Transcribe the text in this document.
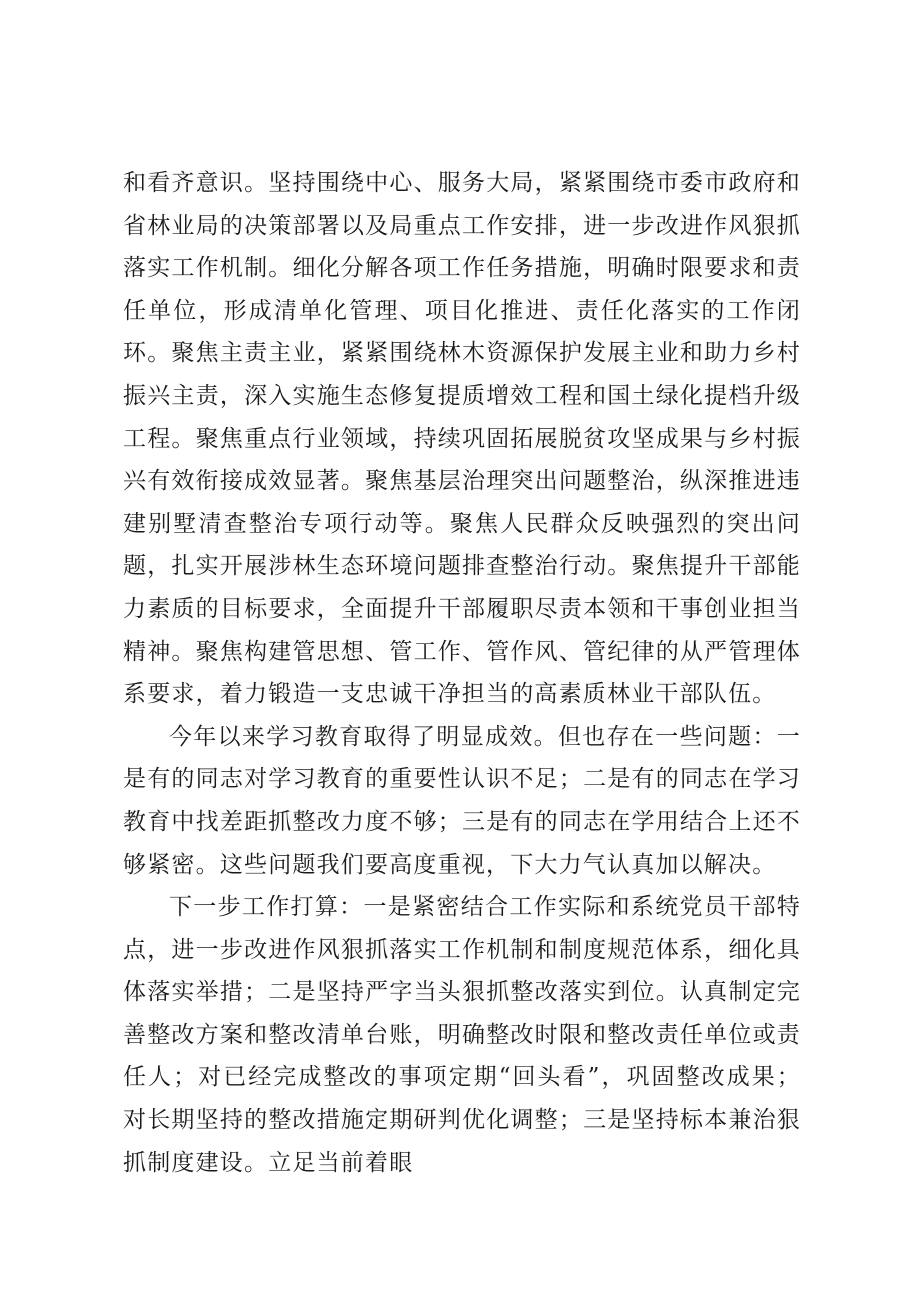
和看齐意识。坚持围绕中心、服务大局，紧紧围绕市委市政府和省林业局的决策部署以及局重点工作安排，进一步改进作风狠抓落实工作机制。细化分解各项工作任务措施，明确时限要求和责任单位，形成清单化管理、项目化推进、责任化落实的工作闭环。聚焦主责主业，紧紧围绕林木资源保护发展主业和助力乡村振兴主责，深入实施生态修复提质增效工程和国土绿化提档升级工程。聚焦重点行业领域，持续巩固拓展脱贫攻坚成果与乡村振兴有效衔接成效显著。聚焦基层治理突出问题整治，纵深推进违建别墅清查整治专项行动等。聚焦人民群众反映强烈的突出问题，扎实开展涉林生态环境问题排查整治行动。聚焦提升干部能力素质的目标要求，全面提升干部履职尽责本领和干事创业担当精神。聚焦构建管思想、管工作、管作风、管纪律的从严管理体系要求，着力锻造一支忠诚干净担当的高素质林业干部队伍。

今年以来学习教育取得了明显成效。但也存在一些问题：一是有的同志对学习教育的重要性认识不足；二是有的同志在学习教育中找差距抓整改力度不够；三是有的同志在学用结合上还不够紧密。这些问题我们要高度重视，下大力气认真加以解决。

下一步工作打算：一是紧密结合工作实际和系统党员干部特点，进一步改进作风狠抓落实工作机制和制度规范体系，细化具体落实举措；二是坚持严字当头狠抓整改落实到位。认真制定完善整改方案和整改清单台账，明确整改时限和整改责任单位或责任人；对已经完成整改的事项定期“回头看”，巩固整改成果；对长期坚持的整改措施定期研判优化调整；三是坚持标本兼治狠抓制度建设。立足当前着眼
